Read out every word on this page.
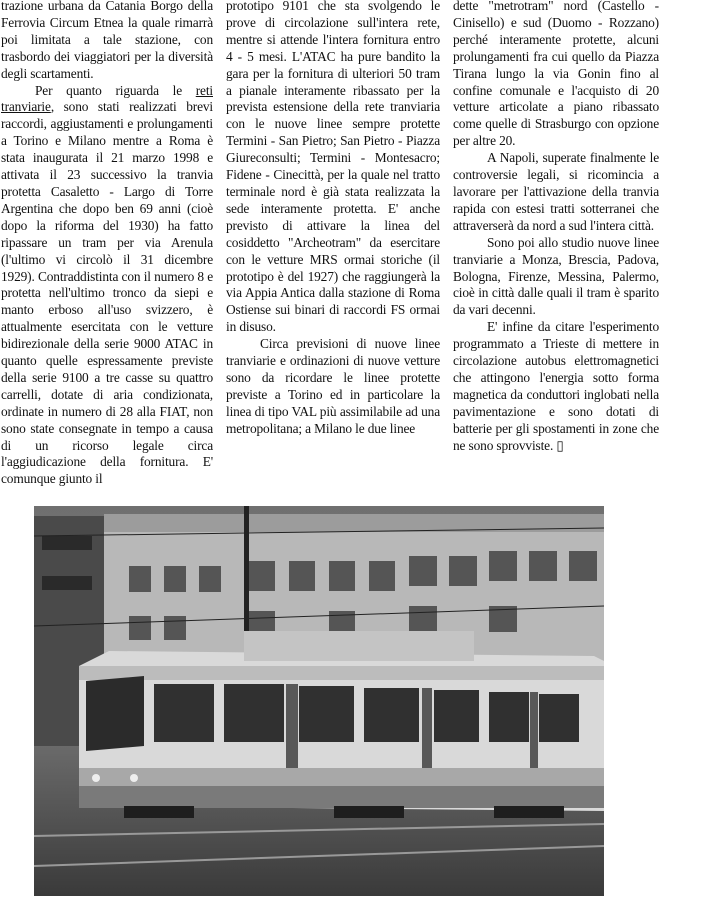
trazione urbana da Catania Borgo della Ferrovia Circum Etnea la quale rimarrà poi limitata a tale stazione, con trasbordo dei viaggiatori per la diversità degli scartamenti.

Per quanto riguarda le reti tranviarie, sono stati realizzati brevi raccordi, aggiustamenti e prolungamenti a Torino e Milano mentre a Roma è stata inaugurata il 21 marzo 1998 e attivata il 23 successivo la tranvia protetta Casaletto - Largo di Torre Argentina che dopo ben 69 anni (cioè dopo la riforma del 1930) ha fatto ripassare un tram per via Arenula (l'ultimo vi circolò il 31 dicembre 1929). Contraddistinta con il numero 8 e protetta nell'ultimo tronco da siepi e manto erboso all'uso svizzero, è attualmente esercitata con le vetture bidirezionale della serie 9000 ATAC in quanto quelle espressamente previste della serie 9100 a tre casse su quattro carrelli, dotate di aria condizionata, ordinate in numero di 28 alla FIAT, non sono state consegnate in tempo a causa di un ricorso legale circa l'aggiudicazione della fornitura. E' comunque giunto il

prototipo 9101 che sta svolgendo le prove di circolazione sull'intera rete, mentre si attende l'intera fornitura entro 4 - 5 mesi. L'ATAC ha pure bandito la gara per la fornitura di ulteriori 50 tram a pianale interamente ribassato per la prevista estensione della rete tranviaria con le nuove linee sempre protette Termini - San Pietro; San Pietro - Piazza Giureconsulti; Termini - Montesacro; Fidene - Cinecittà, per la quale nel tratto terminale nord è già stata realizzata la sede interamente protetta. E' anche previsto di attivare la linea del cosiddetto "Archeotram" da esercitare con le vetture MRS ormai storiche (il prototipo è del 1927) che raggiungerà la via Appia Antica dalla stazione di Roma Ostiense sui binari di raccordi FS ormai in disuso.

Circa previsioni di nuove linee tranviarie e ordinazioni di nuove vetture sono da ricordare le linee protette previste a Torino ed in particolare la linea di tipo VAL più assimilabile ad una metropolitana; a Milano le due linee

dette "metrotram" nord (Castello - Cinisello) e sud (Duomo - Rozzano) perché interamente protette, alcuni prolungamenti fra cui quello da Piazza Tirana lungo la via Gonin fino al confine comunale e l'acquisto di 20 vetture articolate a piano ribassato come quelle di Strasburgo con opzione per altre 20.

A Napoli, superate finalmente le controversie legali, si ricomincia a lavorare per l'attivazione della tranvia rapida con estesi tratti sotterranei che attraverserà da nord a sud l'intera città.

Sono poi allo studio nuove linee tranviarie a Monza, Brescia, Padova, Bologna, Firenze, Messina, Palermo, cioè in città dalle quali il tram è sparito da vari decenni.

E' infine da citare l'esperimento programmato a Trieste di mettere in circolazione autobus elettromagnetici che attingono l'energia sotto forma magnetica da conduttori inglobati nella pavimentazione e sono dotati di batterie per gli spostamenti in zone che ne sono sprovviste. ▯
